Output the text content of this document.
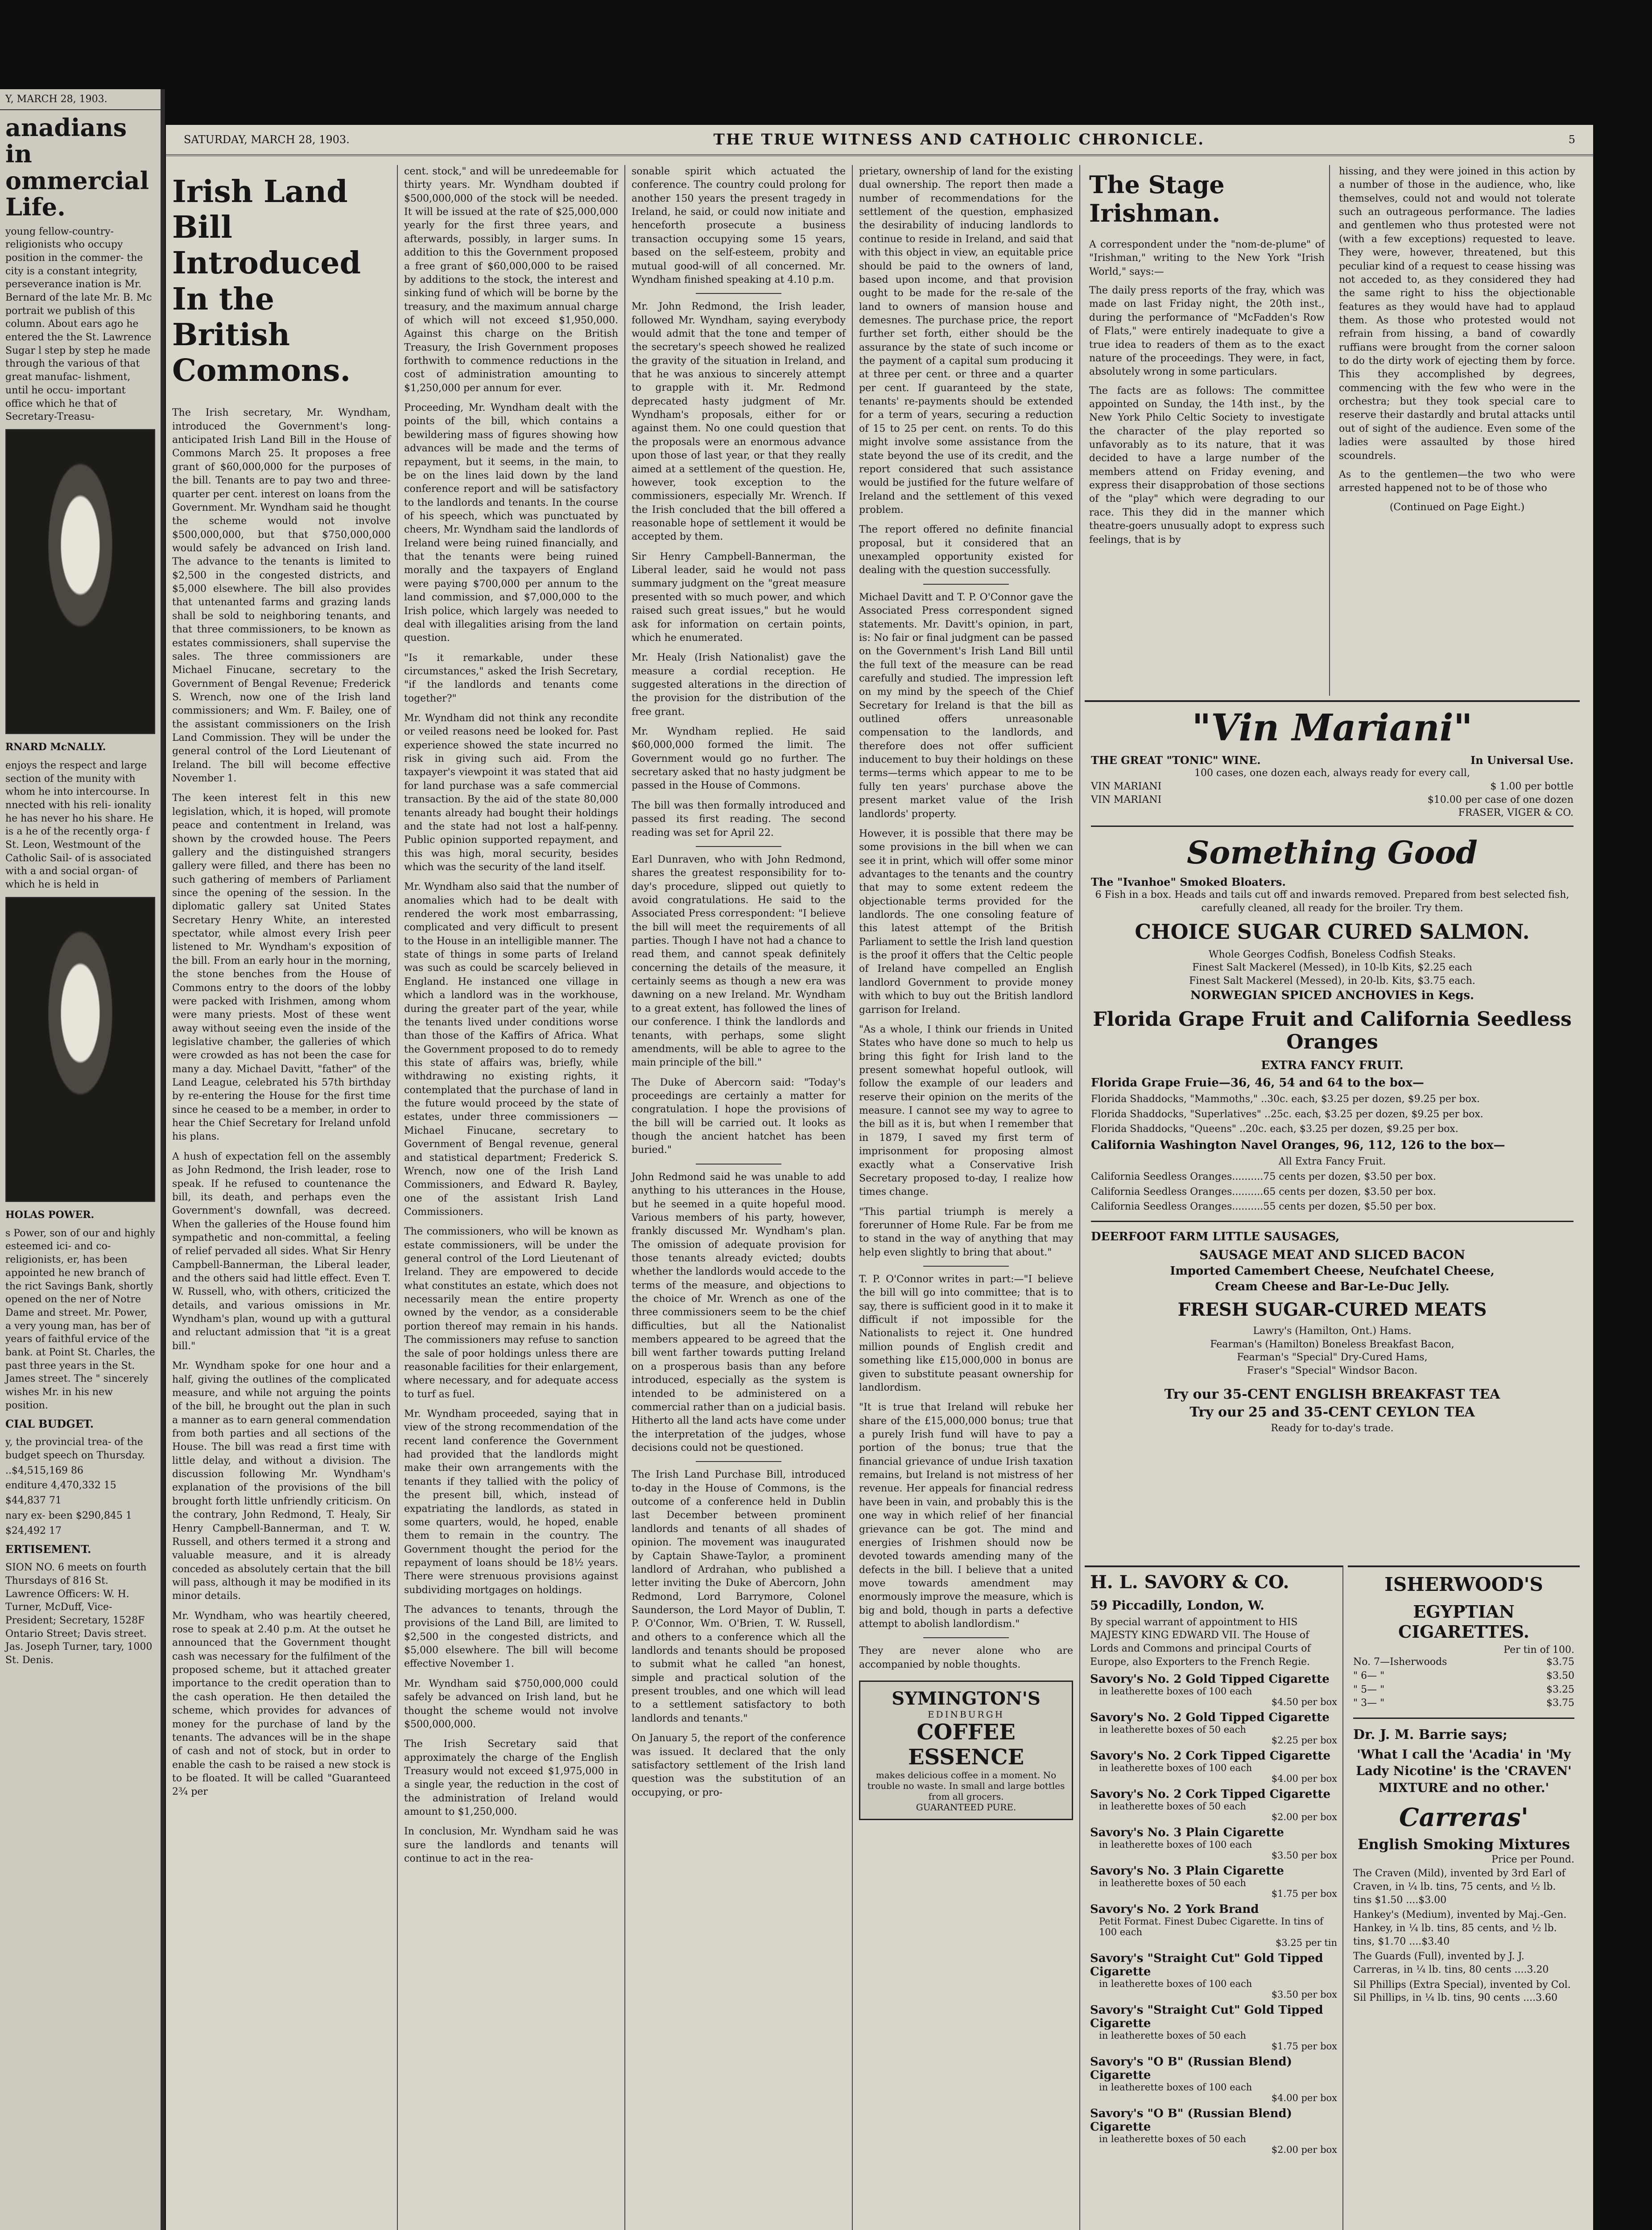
Y, MARCH 28, 1903.
anadians in ommercial Life.

young fellow-country- religionists who occupy position in the commer- the city is a constant integrity, perseverance ination is Mr. Bernard of the late Mr. B. Mc portrait we publish of this column. About ears ago he entered the the St. Lawrence Sugar l step by step he made through the various of that great manufac- lishment, until he occu- important office which he that of Secretary-Treasu-

RNARD McNALLY.

enjoys the respect and large section of the munity with whom he into intercourse. In nnected with his reli- ionality he has never ho his share. He is a he of the recently orga- f St. Leon, Westmount of the Catholic Sail- of is associated with a and social organ- of which he is held in

HOLAS POWER.

s Power, son of our and highly esteemed ici- and co-religionists, er, has been appointed he new branch of the rict Savings Bank, shortly opened on the ner of Notre Dame and street. Mr. Power, a very young man, has ber of years of faithful ervice of the bank. at Point St. Charles, the past three years in the St. James street. The " sincerely wishes Mr. in his new position.

CIAL BUDGET.

y, the provincial trea- of the budget speech on Thursday.

..$4,515,169 86

enditure 4,470,332 15

$44,837 71

nary ex- been $290,845 1

$24,492 17

ERTISEMENT.

SION NO. 6 meets on fourth Thursdays of 816 St. Lawrence Officers: W. H. Turner, McDuff, Vice-President; Secretary, 1528F Ontario Street; Davis street. Jas. Joseph Turner, tary, 1000 St. Denis.

SATURDAY, MARCH 28, 1903.	THE TRUE WITNESS AND CATHOLIC CHRONICLE.	5
Irish Land Bill Introduced In the British Commons.

The Irish secretary, Mr. Wyndham, introduced the Government's long-anticipated Irish Land Bill in the House of Commons March 25. It proposes a free grant of $60,000,000 for the purposes of the bill. Tenants are to pay two and three-quarter per cent. interest on loans from the Government. Mr. Wyndham said he thought the scheme would not involve $500,000,000, but that $750,000,000 would safely be advanced on Irish land. The advance to the tenants is limited to $2,500 in the congested districts, and $5,000 elsewhere. The bill also provides that untenanted farms and grazing lands shall be sold to neighboring tenants, and that three commissioners, to be known as estates commissioners, shall supervise the sales. The three commissioners are Michael Finucane, secretary to the Government of Bengal Revenue; Frederick S. Wrench, now one of the Irish land commissioners; and Wm. F. Bailey, one of the assistant commissioners on the Irish Land Commission. They will be under the general control of the Lord Lieutenant of Ireland. The bill will become effective November 1.

The keen interest felt in this new legislation, which, it is hoped, will promote peace and contentment in Ireland, was shown by the crowded house. The Peers gallery and the distinguished strangers gallery were filled, and there has been no such gathering of members of Parliament since the opening of the session. In the diplomatic gallery sat United States Secretary Henry White, an interested spectator, while almost every Irish peer listened to Mr. Wyndham's exposition of the bill. From an early hour in the morning, the stone benches from the House of Commons entry to the doors of the lobby were packed with Irishmen, among whom were many priests. Most of these went away without seeing even the inside of the legislative chamber, the galleries of which were crowded as has not been the case for many a day. Michael Davitt, "father" of the Land League, celebrated his 57th birthday by re-entering the House for the first time since he ceased to be a member, in order to hear the Chief Secretary for Ireland unfold his plans.

A hush of expectation fell on the assembly as John Redmond, the Irish leader, rose to speak. If he refused to countenance the bill, its death, and perhaps even the Government's downfall, was decreed. When the galleries of the House found him sympathetic and non-committal, a feeling of relief pervaded all sides. What Sir Henry Campbell-Bannerman, the Liberal leader, and the others said had little effect. Even T. W. Russell, who, with others, criticized the details, and various omissions in Mr. Wyndham's plan, wound up with a guttural and reluctant admission that "it is a great bill."

Mr. Wyndham spoke for one hour and a half, giving the outlines of the complicated measure, and while not arguing the points of the bill, he brought out the plan in such a manner as to earn general commendation from both parties and all sections of the House. The bill was read a first time with little delay, and without a division. The discussion following Mr. Wyndham's explanation of the provisions of the bill brought forth little unfriendly criticism. On the contrary, John Redmond, T. Healy, Sir Henry Campbell-Bannerman, and T. W. Russell, and others termed it a strong and valuable measure, and it is already conceded as absolutely certain that the bill will pass, although it may be modified in its minor details.

Mr. Wyndham, who was heartily cheered, rose to speak at 2.40 p.m. At the outset he announced that the Government thought cash was necessary for the fulfilment of the proposed scheme, but it attached greater importance to the credit operation than to the cash operation. He then detailed the scheme, which provides for advances of money for the purchase of land by the tenants. The advances will be in the shape of cash and not of stock, but in order to enable the cash to be raised a new stock is to be floated. It will be called "Guaranteed 2¾ per

cent. stock," and will be unredeemable for thirty years. Mr. Wyndham doubted if $500,000,000 of the stock will be needed. It will be issued at the rate of $25,000,000 yearly for the first three years, and afterwards, possibly, in larger sums. In addition to this the Government proposed a free grant of $60,000,000 to be raised by additions to the stock, the interest and sinking fund of which will be borne by the treasury, and the maximum annual charge of which will not exceed $1,950,000. Against this charge on the British Treasury, the Irish Government proposes forthwith to commence reductions in the cost of administration amounting to $1,250,000 per annum for ever.

Proceeding, Mr. Wyndham dealt with the points of the bill, which contains a bewildering mass of figures showing how advances will be made and the terms of repayment, but it seems, in the main, to be on the lines laid down by the land conference report and will be satisfactory to the landlords and tenants. In the course of his speech, which was punctuated by cheers, Mr. Wyndham said the landlords of Ireland were being ruined financially, and that the tenants were being ruined morally and the taxpayers of England were paying $700,000 per annum to the land commission, and $7,000,000 to the Irish police, which largely was needed to deal with illegalities arising from the land question.

"Is it remarkable, under these circumstances," asked the Irish Secretary, "if the landlords and tenants come together?"

Mr. Wyndham did not think any recondite or veiled reasons need be looked for. Past experience showed the state incurred no risk in giving such aid. From the taxpayer's viewpoint it was stated that aid for land purchase was a safe commercial transaction. By the aid of the state 80,000 tenants already had bought their holdings and the state had not lost a half-penny. Public opinion supported repayment, and this was high, moral security, besides which was the security of the land itself.

Mr. Wyndham also said that the number of anomalies which had to be dealt with rendered the work most embarrassing, complicated and very difficult to present to the House in an intelligible manner. The state of things in some parts of Ireland was such as could be scarcely believed in England. He instanced one village in which a landlord was in the workhouse, during the greater part of the year, while the tenants lived under conditions worse than those of the Kaffirs of Africa. What the Government proposed to do to remedy this state of affairs was, briefly, while withdrawing no existing rights, it contemplated that the purchase of land in the future would proceed by the state of estates, under three commissioners — Michael Finucane, secretary to Government of Bengal revenue, general and statistical department; Frederick S. Wrench, now one of the Irish Land Commissioners, and Edward R. Bayley, one of the assistant Irish Land Commissioners.

The commissioners, who will be known as estate commissioners, will be under the general control of the Lord Lieutenant of Ireland. They are empowered to decide what constitutes an estate, which does not necessarily mean the entire property owned by the vendor, as a considerable portion thereof may remain in his hands. The commissioners may refuse to sanction the sale of poor holdings unless there are reasonable facilities for their enlargement, where necessary, and for adequate access to turf as fuel.

Mr. Wyndham proceeded, saying that in view of the strong recommendation of the recent land conference the Government had provided that the landlords might make their own arrangements with the tenants if they tallied with the policy of the present bill, which, instead of expatriating the landlords, as stated in some quarters, would, he hoped, enable them to remain in the country. The Government thought the period for the repayment of loans should be 18½ years. There were strenuous provisions against subdividing mortgages on holdings.

The advances to tenants, through the provisions of the Land Bill, are limited to $2,500 in the congested districts, and $5,000 elsewhere. The bill will become effective November 1.

Mr. Wyndham said $750,000,000 could safely be advanced on Irish land, but he thought the scheme would not involve $500,000,000.

The Irish Secretary said that approximately the charge of the English Treasury would not exceed $1,975,000 in a single year, the reduction in the cost of the administration of Ireland would amount to $1,250,000.

In conclusion, Mr. Wyndham said he was sure the landlords and tenants will continue to act in the rea-

sonable spirit which actuated the conference. The country could prolong for another 150 years the present tragedy in Ireland, he said, or could now initiate and henceforth prosecute a business transaction occupying some 15 years, based on the self-esteem, probity and mutual good-will of all concerned. Mr. Wyndham finished speaking at 4.10 p.m.

Mr. John Redmond, the Irish leader, followed Mr. Wyndham, saying everybody would admit that the tone and temper of the secretary's speech showed he realized the gravity of the situation in Ireland, and that he was anxious to sincerely attempt to grapple with it. Mr. Redmond deprecated hasty judgment of Mr. Wyndham's proposals, either for or against them. No one could question that the proposals were an enormous advance upon those of last year, or that they really aimed at a settlement of the question. He, however, took exception to the commissioners, especially Mr. Wrench. If the Irish concluded that the bill offered a reasonable hope of settlement it would be accepted by them.

Sir Henry Campbell-Bannerman, the Liberal leader, said he would not pass summary judgment on the "great measure presented with so much power, and which raised such great issues," but he would ask for information on certain points, which he enumerated.

Mr. Healy (Irish Nationalist) gave the measure a cordial reception. He suggested alterations in the direction of the provision for the distribution of the free grant.

Mr. Wyndham replied. He said $60,000,000 formed the limit. The Government would go no further. The secretary asked that no hasty judgment be passed in the House of Commons.

The bill was then formally introduced and passed its first reading. The second reading was set for April 22.

Earl Dunraven, who with John Redmond, shares the greatest responsibility for to-day's procedure, slipped out quietly to avoid congratulations. He said to the Associated Press correspondent: "I believe the bill will meet the requirements of all parties. Though I have not had a chance to read them, and cannot speak definitely concerning the details of the measure, it certainly seems as though a new era was dawning on a new Ireland. Mr. Wyndham to a great extent, has followed the lines of our conference. I think the landlords and tenants, with perhaps, some slight amendments, will be able to agree to the main principle of the bill."

The Duke of Abercorn said: "Today's proceedings are certainly a matter for congratulation. I hope the provisions of the bill will be carried out. It looks as though the ancient hatchet has been buried."

John Redmond said he was unable to add anything to his utterances in the House, but he seemed in a quite hopeful mood. Various members of his party, however, frankly discussed Mr. Wyndham's plan. The omission of adequate provision for those tenants already evicted; doubts whether the landlords would accede to the terms of the measure, and objections to the choice of Mr. Wrench as one of the three commissioners seem to be the chief difficulties, but all the Nationalist members appeared to be agreed that the bill went farther towards putting Ireland on a prosperous basis than any before introduced, especially as the system is intended to be administered on a commercial rather than on a judicial basis. Hitherto all the land acts have come under the interpretation of the judges, whose decisions could not be questioned.

The Irish Land Purchase Bill, introduced to-day in the House of Commons, is the outcome of a conference held in Dublin last December between prominent landlords and tenants of all shades of opinion. The movement was inaugurated by Captain Shawe-Taylor, a prominent landlord of Ardrahan, who published a letter inviting the Duke of Abercorn, John Redmond, Lord Barrymore, Colonel Saunderson, the Lord Mayor of Dublin, T. P. O'Connor, Wm. O'Brien, T. W. Russell, and others to a conference which all the landlords and tenants should be proposed to submit what he called "an honest, simple and practical solution of the present troubles, and one which will lead to a settlement satisfactory to both landlords and tenants."

On January 5, the report of the conference was issued. It declared that the only satisfactory settlement of the Irish land question was the substitution of an occupying, or pro-

prietary, ownership of land for the existing dual ownership. The report then made a number of recommendations for the settlement of the question, emphasized the desirability of inducing landlords to continue to reside in Ireland, and said that with this object in view, an equitable price should be paid to the owners of land, based upon income, and that provision ought to be made for the re-sale of the land to owners of mansion house and demesnes. The purchase price, the report further set forth, either should be the assurance by the state of such income or the payment of a capital sum producing it at three per cent. or three and a quarter per cent. If guaranteed by the state, tenants' re-payments should be extended for a term of years, securing a reduction of 15 to 25 per cent. on rents. To do this might involve some assistance from the state beyond the use of its credit, and the report considered that such assistance would be justified for the future welfare of Ireland and the settlement of this vexed problem.

The report offered no definite financial proposal, but it considered that an unexampled opportunity existed for dealing with the question successfully.

Michael Davitt and T. P. O'Connor gave the Associated Press correspondent signed statements. Mr. Davitt's opinion, in part, is: No fair or final judgment can be passed on the Government's Irish Land Bill until the full text of the measure can be read carefully and studied. The impression left on my mind by the speech of the Chief Secretary for Ireland is that the bill as outlined offers unreasonable compensation to the landlords, and therefore does not offer sufficient inducement to buy their holdings on these terms—terms which appear to me to be fully ten years' purchase above the present market value of the Irish landlords' property.

However, it is possible that there may be some provisions in the bill when we can see it in print, which will offer some minor advantages to the tenants and the country that may to some extent redeem the objectionable terms provided for the landlords. The one consoling feature of this latest attempt of the British Parliament to settle the Irish land question is the proof it offers that the Celtic people of Ireland have compelled an English landlord Government to provide money with which to buy out the British landlord garrison for Ireland.

"As a whole, I think our friends in United States who have done so much to help us bring this fight for Irish land to the present somewhat hopeful outlook, will follow the example of our leaders and reserve their opinion on the merits of the measure. I cannot see my way to agree to the bill as it is, but when I remember that in 1879, I saved my first term of imprisonment for proposing almost exactly what a Conservative Irish Secretary proposed to-day, I realize how times change.

"This partial triumph is merely a forerunner of Home Rule. Far be from me to stand in the way of anything that may help even slightly to bring that about."

T. P. O'Connor writes in part:—"I believe the bill will go into committee; that is to say, there is sufficient good in it to make it difficult if not impossible for the Nationalists to reject it. One hundred million pounds of English credit and something like £15,000,000 in bonus are given to substitute peasant ownership for landlordism.

"It is true that Ireland will rebuke her share of the £15,000,000 bonus; true that a purely Irish fund will have to pay a portion of the bonus; true that the financial grievance of undue Irish taxation remains, but Ireland is not mistress of her revenue. Her appeals for financial redress have been in vain, and probably this is the one way in which relief of her financial grievance can be got. The mind and energies of Irishmen should now be devoted towards amending many of the defects in the bill. I believe that a united move towards amendment may enormously improve the measure, which is big and bold, though in parts a defective attempt to abolish landlordism."

They are never alone who are accompanied by noble thoughts.

SYMINGTON'S
EDINBURGH
COFFEE ESSENCE
makes delicious coffee in a moment. No trouble no waste. In small and large bottles from all grocers.
GUARANTEED PURE.
The Stage Irishman.

A correspondent under the "nom-de-plume" of "Irishman," writing to the New York "Irish World," says:—

The daily press reports of the fray, which was made on last Friday night, the 20th inst., during the performance of "McFadden's Row of Flats," were entirely inadequate to give a true idea to readers of them as to the exact nature of the proceedings. They were, in fact, absolutely wrong in some particulars.

The facts are as follows: The committee appointed on Sunday, the 14th inst., by the New York Philo Celtic Society to investigate the character of the play reported so unfavorably as to its nature, that it was decided to have a large number of the members attend on Friday evening, and express their disapprobation of those sections of the "play" which were degrading to our race. This they did in the manner which theatre-goers unusually adopt to express such feelings, that is by

hissing, and they were joined in this action by a number of those in the audience, who, like themselves, could not and would not tolerate such an outrageous performance. The ladies and gentlemen who thus protested were not (with a few exceptions) requested to leave. They were, however, threatened, but this peculiar kind of a request to cease hissing was not acceded to, as they considered they had the same right to hiss the objectionable features as they would have had to applaud them. As those who protested would not refrain from hissing, a band of cowardly ruffians were brought from the corner saloon to do the dirty work of ejecting them by force. This they accomplished by degrees, commencing with the few who were in the orchestra; but they took special care to reserve their dastardly and brutal attacks until out of sight of the audience. Even some of the ladies were assaulted by those hired scoundrels.

As to the gentlemen—the two who were arrested happened not to be of those who

(Continued on Page Eight.)

"Vin Mariani"
THE GREAT "TONIC" WINE.	In Universal Use.
100 cases, one dozen each, always ready for every call,
VIN MARIANI	$ 1.00 per bottle
VIN MARIANI	$10.00 per case of one dozen
FRASER, VIGER & CO.
Something Good
The "Ivanhoe" Smoked Bloaters.
6 Fish in a box. Heads and tails cut off and inwards removed. Prepared from best selected fish, carefully cleaned, all ready for the broiler. Try them.
CHOICE SUGAR CURED SALMON.
Whole Georges Codfish, Boneless Codfish Steaks.
Finest Salt Mackerel (Messed), in 10-lb Kits, $2.25 each
Finest Salt Mackerel (Messed), in 20-lb. Kits, $3.75 each.
NORWEGIAN SPICED ANCHOVIES in Kegs.
Florida Grape Fruit and California Seedless Oranges
EXTRA FANCY FRUIT.
Florida Grape Fruie—36, 46, 54 and 64 to the box—
Florida Shaddocks, "Mammoths," ..30c. each, $3.25 per dozen, $9.25 per box.
Florida Shaddocks, "Superlatives" ..25c. each, $3.25 per dozen, $9.25 per box.
Florida Shaddocks, "Queens" ..20c. each, $3.25 per dozen, $9.25 per box.
California Washington Navel Oranges, 96, 112, 126 to the box—
All Extra Fancy Fruit.
California Seedless Oranges..........75 cents per dozen, $3.50 per box.
California Seedless Oranges..........65 cents per dozen, $3.50 per box.
California Seedless Oranges..........55 cents per dozen, $5.50 per box.
DEERFOOT FARM LITTLE SAUSAGES,
SAUSAGE MEAT AND SLICED BACON
Imported Camembert Cheese, Neufchatel Cheese,
Cream Cheese and Bar-Le-Duc Jelly.
FRESH SUGAR-CURED MEATS
Lawry's (Hamilton, Ont.) Hams.
Fearman's (Hamilton) Boneless Breakfast Bacon,
Fearman's "Special" Dry-Cured Hams,
Fraser's "Special" Windsor Bacon.
Try our 35-CENT ENGLISH BREAKFAST TEA
Try our 25 and 35-CENT CEYLON TEA
Ready for to-day's trade.
H. L. SAVORY & CO.
59 Piccadilly, London, W.
By special warrant of appointment to HIS MAJESTY KING EDWARD VII. The House of Lords and Commons and principal Courts of Europe, also Exporters to the French Regie.
Savory's No. 2 Gold Tipped Cigarette
in leatherette boxes of 100 each
$4.50 per box
Savory's No. 2 Gold Tipped Cigarette
in leatherette boxes of 50 each
$2.25 per box
Savory's No. 2 Cork Tipped Cigarette
in leatherette boxes of 100 each
$4.00 per box
Savory's No. 2 Cork Tipped Cigarette
in leatherette boxes of 50 each
$2.00 per box
Savory's No. 3 Plain Cigarette
in leatherette boxes of 100 each
$3.50 per box
Savory's No. 3 Plain Cigarette
in leatherette boxes of 50 each
$1.75 per box
Savory's No. 2 York Brand
Petit Format. Finest Dubec Cigarette. In tins of 100 each
$3.25 per tin
Savory's "Straight Cut" Gold Tipped Cigarette
in leatherette boxes of 100 each
$3.50 per box
Savory's "Straight Cut" Gold Tipped Cigarette
in leatherette boxes of 50 each
$1.75 per box
Savory's "O B" (Russian Blend) Cigarette
in leatherette boxes of 100 each
$4.00 per box
Savory's "O B" (Russian Blend) Cigarette
in leatherette boxes of 50 each
$2.00 per box
ISHERWOOD'S
EGYPTIAN CIGARETTES.
Per tin of 100.
No. 7—Isherwoods	$3.75
" 6— "	$3.50
" 5— "	$3.25
" 3— "	$3.75
Dr. J. M. Barrie says;
'What I call the 'Acadia' in 'My Lady Nicotine' is the 'CRAVEN' MIXTURE and no other.'
Carreras'
English Smoking Mixtures
Price per Pound.
The Craven (Mild), invented by 3rd Earl of Craven, in ¼ lb. tins, 75 cents, and ½ lb. tins $1.50 ....$3.00
Hankey's (Medium), invented by Maj.-Gen. Hankey, in ¼ lb. tins, 85 cents, and ½ lb. tins, $1.70 ....$3.40
The Guards (Full), invented by J. J. Carreras, in ¼ lb. tins, 80 cents ....3.20
Sil Phillips (Extra Special), invented by Col. Sil Phillips, in ¼ lb. tins, 90 cents ....3.60
